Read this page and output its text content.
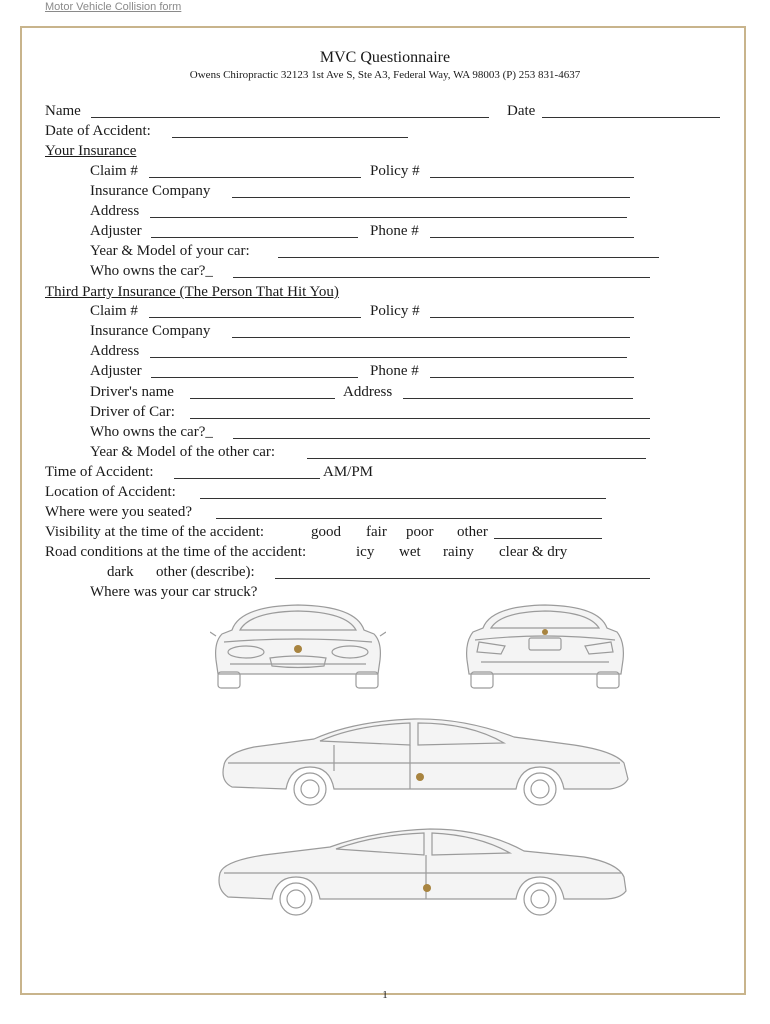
Motor Vehicle Collision form
MVC Questionnaire
Owens Chiropractic 32123 1st Ave S, Ste A3, Federal Way, WA 98003 (P) 253 831-4637
Name	Date
Date of Accident:
Your Insurance
Claim #	Policy #
Insurance Company
Address
Adjuster	Phone #
Year & Model of your car:
Who owns the car?_
Third Party Insurance (The Person That Hit You)
Claim #	Policy #
Insurance Company
Address
Adjuster	Phone #
Driver's name	Address
Driver of Car:
Who owns the car?_
Year & Model of the other car:
Time of Accident:	AM/PM
Location of Accident:
Where were you seated?
Visibility at the time of the accident:	good fair poor other
Road conditions at the time of the accident:	icy wet rainy clear & dry
dark other (describe):
Where was your car struck?
1
